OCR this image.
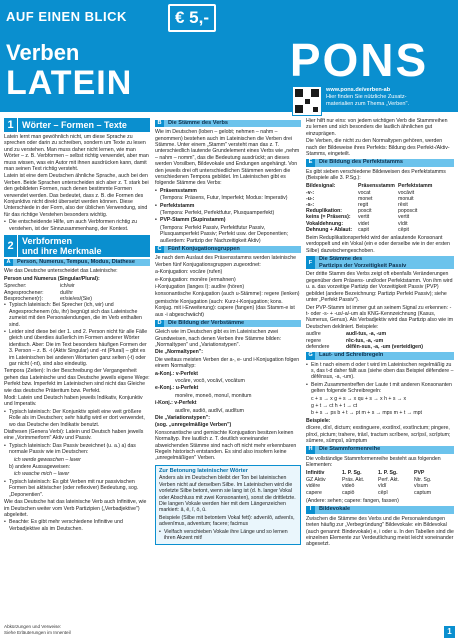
AUF EINEN BLICK	€ 5,-
Verben
LATEIN	PONS
www.pons.de/verben-ab
Hier finden Sie nützliche Zusatz-
materialien zum Thema „Verben".
1 Wörter – Formen – Texte

Latein lernt man gewöhnlich nicht, um diese Sprache zu sprechen oder darin zu schreiben, sondern um Texte zu lesen und zu verstehen. Man muss daher nicht lernen, wie man Wörter – z. B. Verbformen – selbst richtig verwendet, aber man muss wissen, was ein Autor mit ihnen ausdrücken kann, damit man seinen Text richtig versteht.

Latein ist eine dem Deutschen ähnliche Sprache, auch bei den Verben. Beide Sprachen unterscheiden sich aber z. T. stark bei den gebildeten Formen, nach denen bestimmte Formen verwendet werden. Das bedeutet, dass z. B. die Formen des Konjunktivs nicht direkt übersetzt werden können. Diese Unterschiede in der Form, also der üblichen Verwendung, sind für das richtige Verstehen besonders wichtig.

• Die entscheidende Hilfe, um auch Verbformen richtig zu verstehen, ist der Sinnzusammenhang, der Kontext.

2 Verbformen
und ihre Merkmale
A	Person, Numerus, Tempus, Modus, Diathese

Wie das Deutsche unterscheidet das Lateinische:

Person und Numerus (Singular/Plural):

Sprecher:	ich/wir
Angesprochener:	du/ihr
Besprochener(r):	er/sie/es/(Sie)

• Typisch lateinisch: Bei Sprecher (ich, wir) und Angesprochenem (du, ihr) begnügt sich das Lateinische zumeist mit den Personalendungen, die im Verb enthalten sind.

• Leider sind diese bei der 1. und 2. Person nicht für alle Fälle gleich und überdies äußerlich im Formen anderer Wörter identisch. Aber: Die im Text besonders häufigen Formen der 3. Person – z. B. -t (Aktiv Singular) und -nt (Plural) – gibt es im Lateinischen bei anderen Wortarten ganz selten (-t) oder gar nicht (-nt), sind also eindeutig.

Tempora (Zeiten): In der Beschreibung der Vergangenheit gehen das Lateinische und das Deutsche jeweils eigene Wege: Perfekt bzw. Imperfekt im Lateinischen sind nicht das Gleiche wie das deutsche Präteritum bzw. Perfekt.

Modi: Latein und Deutsch haben jeweils Indikativ, Konjunktiv und Imperativ.

• Typisch lateinisch: Der Konjunktiv spielt eine weit größere Rolle als im Deutschen; sehr häufig wird er dort verwendet, wo das Deutsche den Indikativ benutzt.

Diathesen (Genera Verbi): Latein und Deutsch haben jeweils eine „Vorimmerform" Aktiv und Passiv.

• Typisch lateinisch: Das Passiv bezeichnet (u. a.) a) das normale Passiv wie im Deutschen:

ich werde gewaschen – laver

b) andere Aussageweisen:

ich wasche mich – laver

• Typisch lateinisch: Es gibt Verben mit nur passivischen Formen bei aktivischer (oder reflexiver) Bedeutung, sog. „Deponentien".

Wie das Deutsche hat das lateinische Verb auch Infinitive, wie im Deutschen weiter vom Verb Partizipien („Verbadjektive") abgeleitet.

• Beachte: Es gibt mehr verschiedene Infinitive und Verbadjektive als im Deutschen.

B	Die Stämme des Verbs

Wie im Deutschen (loben – gelobt; nehmen – nahm – genommen) bestehen auch im Lateinischen die Verben drei Stämme. Unter einem „Stamm" versteht man das z. T. unterschiedlich lautende Grundelement eines Verbs wie „nehm – nahm – nomm", das die Bedeutung ausdrückt; an dieses werden Vorsilben, Bildevokale und Endungen angehängt. Von den jeweils drei oft unterschiedlichen Stämmen werden die verschiedenen Tempora gebildet. Im Lateinischen gibt es folgende Stämme des Verbs:

• Präsensstamm

(Tempora: Präsens, Futur, Imperfekt; Modus: Imperativ)

• Perfektstamm

(Tempora: Perfekt, Perfektfutur, Plusquamperfekt)

• PVP-Stamm (Supinstamm)

(Tempora: Perfekt Passiv, Perfektfutur Passiv, Plusquamperfekt Passiv; Perfekt usw. der Deponentien; außerdem: Partizip der Nachzeitigkeit Aktiv)

C	Fünf Konjugationsgruppen

Je nach dem Auslaut des Präsensstamms werden lateinische Verben fünf Konjugationsgruppen zugeordnet:

a-Konjugation: vocāre (rufen)

e-Konjugation: monēre (ermahnen)

i-Konjugation (langes ī): audīre (hören)

konsonantische Konjugation (auch u-Stämme): regere (lenken)

gemischte Konjugation (auch: Kurz-i-Konjugation; kons. Konjug. mit i-Erweiterung): capere (fangen) (das Stamm-e ist aus -i abgeschwächt)

D	Die Bildung der Verbstämme

Gleich wie im Deutschen gibt es im Lateinischen zwei Grundweisen, nach denen Verben ihre Stämme bilden: „Normaltypen" und „Variationstypen".

Die „Normaltypen":

Die weitaus meisten Verben der a-, e- und i-Konjugation folgen einem Normaltyp:

a-Konj.: v-Perfekt

vocāre, vocō, vocāvī, vocātum

e-Konj.: u-Perfekt

monēre, moneō, monuī, monitum

i-Konj.: v-Perfekt

audīre, audiō, audīvī, audītum

Die „Variationstypen":

(sog. „unregelmäßige Verben")

Konsonantische und gemischte Konjugation besitzen keinen Normaltyp. Ihre lautlich z. T. deutlich voneinander abweichenden Stämme sind nach oft nicht mehr erkennbaren Regeln historisch entstanden. Es sind also insofern keine „unregelmäßigen" Verben.

Zur Betonung lateinischer Wörter

Anders als im Deutschen bleibt der Ton bei lateinischen Verben nicht auf derselben Silbe. Im Lateinischen wird die vorletzte Silbe betont, wenn sie lang ist (d. h. langer Vokal oder Abschluss mit zwei Konsonanten), sonst die drittletzte. Die langen Vokale werden hier mit dem Längenzeichen markiert: ā, ē, ī, ō, ū.

Beispiele (Silbe mit betontem Vokal fett): advenīō, advenīs, advenīmus, adventum; facere; facimus

• Vielfach verschieben Vokale ihre Länge und so lernen ihren Akzent mit!

Hier hilft nur eins: von jedem wichtigen Verb die Stammreihen zu lernen und sich besonders die lautlich ähnlichen gut einzuprägen.

Die Verben, die nicht zu den Normaltypen gehören, werden nach der Bildeweise ihres Perfekts: Bildung des Perfekt-/Aktiv-Stamms, eingeteilt.

E	Die Bildung des Perfektstamms

Es gibt sieben verschiedene Bildeweisen des Perfektstamms (Beispiele alle 3. P.Sg.):

Bildesignal:	Präsensstamm Perfektstamm
-v-:	vocat	vocāvit
-u-:	monet	monuit
-s-:	regit	rēxit
Reduplikation:	poscit	poposcit
keins (= Präsens):	vertit	vertit
Vokaldehnung:	videt	vīdit
Dehnung + Ablaut:	capit	cēpit

Beim Reduplikationsperfekt wird der anlautende Konsonant verdoppelt und ein Vokal (ein e oder derselbe wie in der ersten Silbe) dazwischengeschoben.

F
Die Stämme des
Partizips der Vorzeitigkeit Passiv

Der dritte Stamm des Verbs zeigt oft ebenfalls Veränderungen gegenüber dem Präsens- und/oder Perfektstamm. Von ihm wird u. a. das vorzeitige Partizip der Vorzeitigkeit Passiv (PVP) gebildet (andere Bezeichnung: Partizip Perfekt Passiv); siehe unter „Perfekt Passiv").

Der PVP-Stamm ist immer gut an seinem Signal zu erkennen: -t- oder -s- + -us/-a/-um als KNG-Kennzeichnung (Kasus, Numerus, Genus). Als Verbadjektiv wird das Partizip also wie im Deutschen dekliniert. Beispiele:

audīre	audī-tus, -a, -um
regere	rēc-tus, -a, -um
defendere	dēfēn-sus, -a, -um (verteidigen)
G	Laut- und Schreibregeln

• Ein t nach einem d oder t wird im Lateinischen regelmäßig zu s, das t-d daher fällt aus (siehe oben das Beispiel dēfendere – dēfēnsus, -a, -um).

• Beim Zusammentreffen der Laute t mit anderen Konsonanten gelten folgende Schreibregeln:

c + s → x g + s → x qu + s → x h + s → x

g + t → ct h + t → ct

b + s → ps b + t → pt m + s → mps m + t → mpt

Beispiele:

dīcere, dīxī, dictum; exstinguere, exstīnxī, exstīnctum; pingere, pīnxī, pictum; trahere, trāxī, tractum scrībere, scrīpsī, scrīptum; sūmere, sūmpsī, sūmptum

H	Die Stammformenreihe

Die vollständige Stammformenreihe besteht aus folgenden Elementen:

Infinitiv	1. P. Sg.	1. P. Sg.	PVP
GZ Aktiv	Präs. Akt.	Perf. Akt.	Ntr. Sg.
vidēre	videō	vīdī	vīsum
capere	capiō	cēpī	captum

(Andere: sehen; capere: fangen, fassen)

I	Bildevokale

Zwischen die Stämme des Verbs und die Personalendungen treten häufig zur „Verbegründung" Bildevokale: ein Bildevokal (auch genannt: Bindevokale) e, i oder u. In den Tabellen sind die einzelnen Elemente zur Verdeutlichung meist leicht voneinander abgesetzt.

Abkürzungen und Verweise:
Siehe Erläuterungen im Innenteil	1
